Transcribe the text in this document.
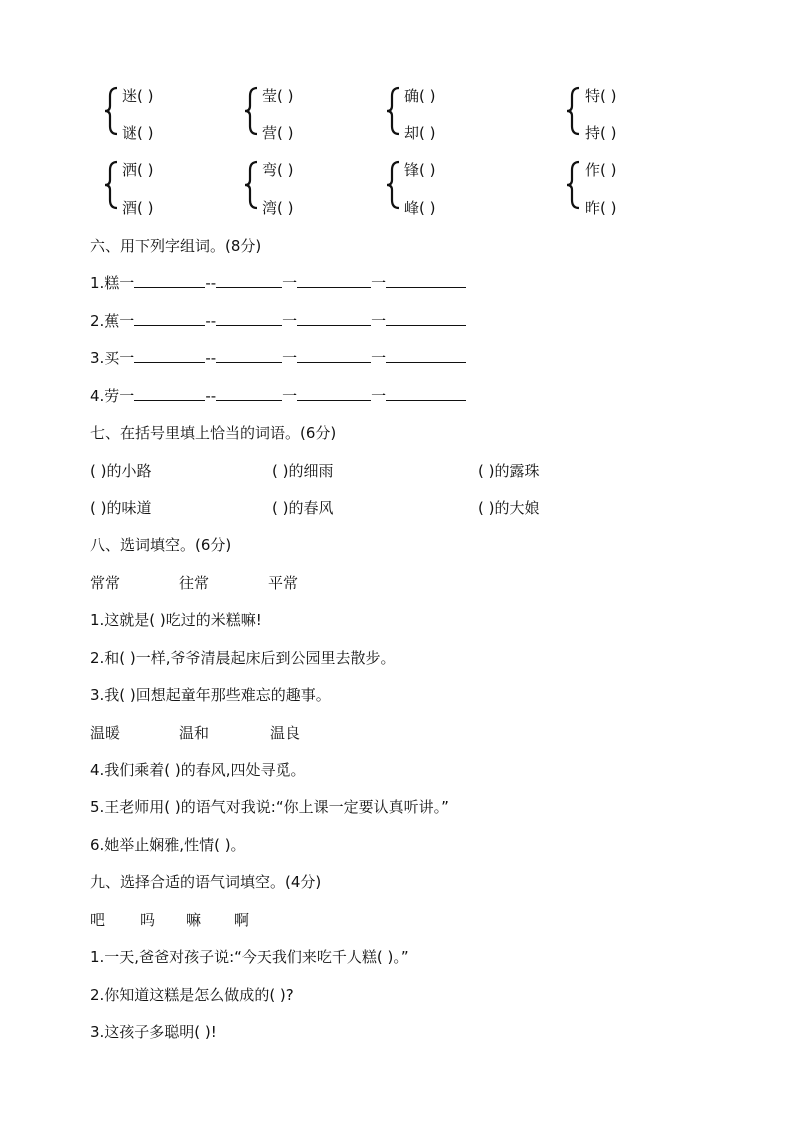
迷( )
谜( )
莹( )
营( )
确( )
却( )
特( )
持( )
洒( )
酒( )
弯( )
湾( )
锋( )
峰( )
作( )
昨( )
六、用下列字组词。(8分)
1.糕一	--	一	一
2.蕉一	--	一	一
3.买一	--	一	一
4.劳一	--	一	一
七、在括号里填上恰当的词语。(6分)
( )的小路	( )的细雨	( )的露珠
( )的味道	( )的春风	( )的大娘
八、选词填空。(6分)
常常	往常	平常
1.这就是( )吃过的米糕嘛!
2.和( )一样,爷爷清晨起床后到公园里去散步。
3.我( )回想起童年那些难忘的趣事。
温暖	温和	温良
4.我们乘着( )的春风,四处寻觅。
5.王老师用( )的语气对我说:“你上课一定要认真听讲。”
6.她举止娴雅,性情( )。
九、选择合适的语气词填空。(4分)
吧 吗 嘛 啊
1.一天,爸爸对孩子说:“今天我们来吃千人糕( )。”
2.你知道这糕是怎么做成的( )?
3.这孩子多聪明( )!
